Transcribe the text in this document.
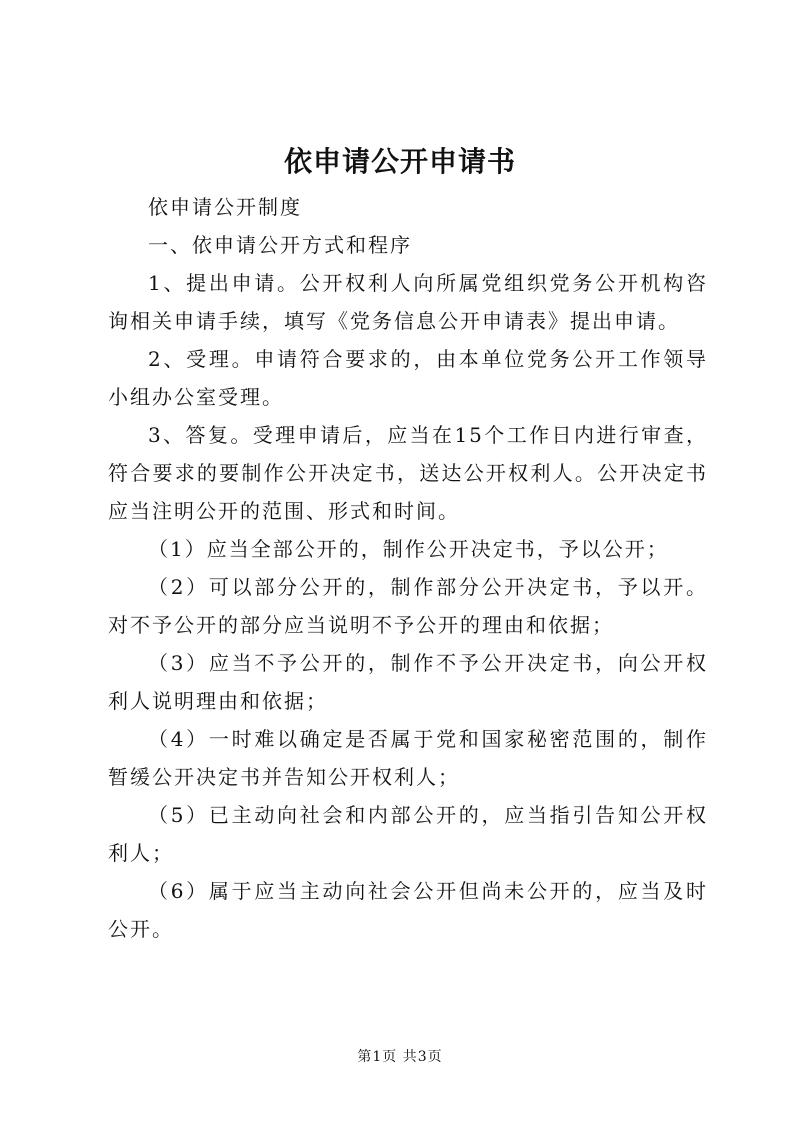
依申请公开申请书

依申请公开制度

一、依申请公开方式和程序

1、提出申请。公开权利人向所属党组织党务公开机构咨询相关申请手续，填写《党务信息公开申请表》提出申请。

2、受理。申请符合要求的，由本单位党务公开工作领导小组办公室受理。

3、答复。受理申请后，应当在15个工作日内进行审查，符合要求的要制作公开决定书，送达公开权利人。公开决定书应当注明公开的范围、形式和时间。

（1）应当全部公开的，制作公开决定书，予以公开；

（2）可以部分公开的，制作部分公开决定书，予以开。对不予公开的部分应当说明不予公开的理由和依据；

（3）应当不予公开的，制作不予公开决定书，向公开权利人说明理由和依据；

（4）一时难以确定是否属于党和国家秘密范围的，制作暂缓公开决定书并告知公开权利人；

（5）已主动向社会和内部公开的，应当指引告知公开权利人；

（6）属于应当主动向社会公开但尚未公开的，应当及时公开。

第1页 共3页
